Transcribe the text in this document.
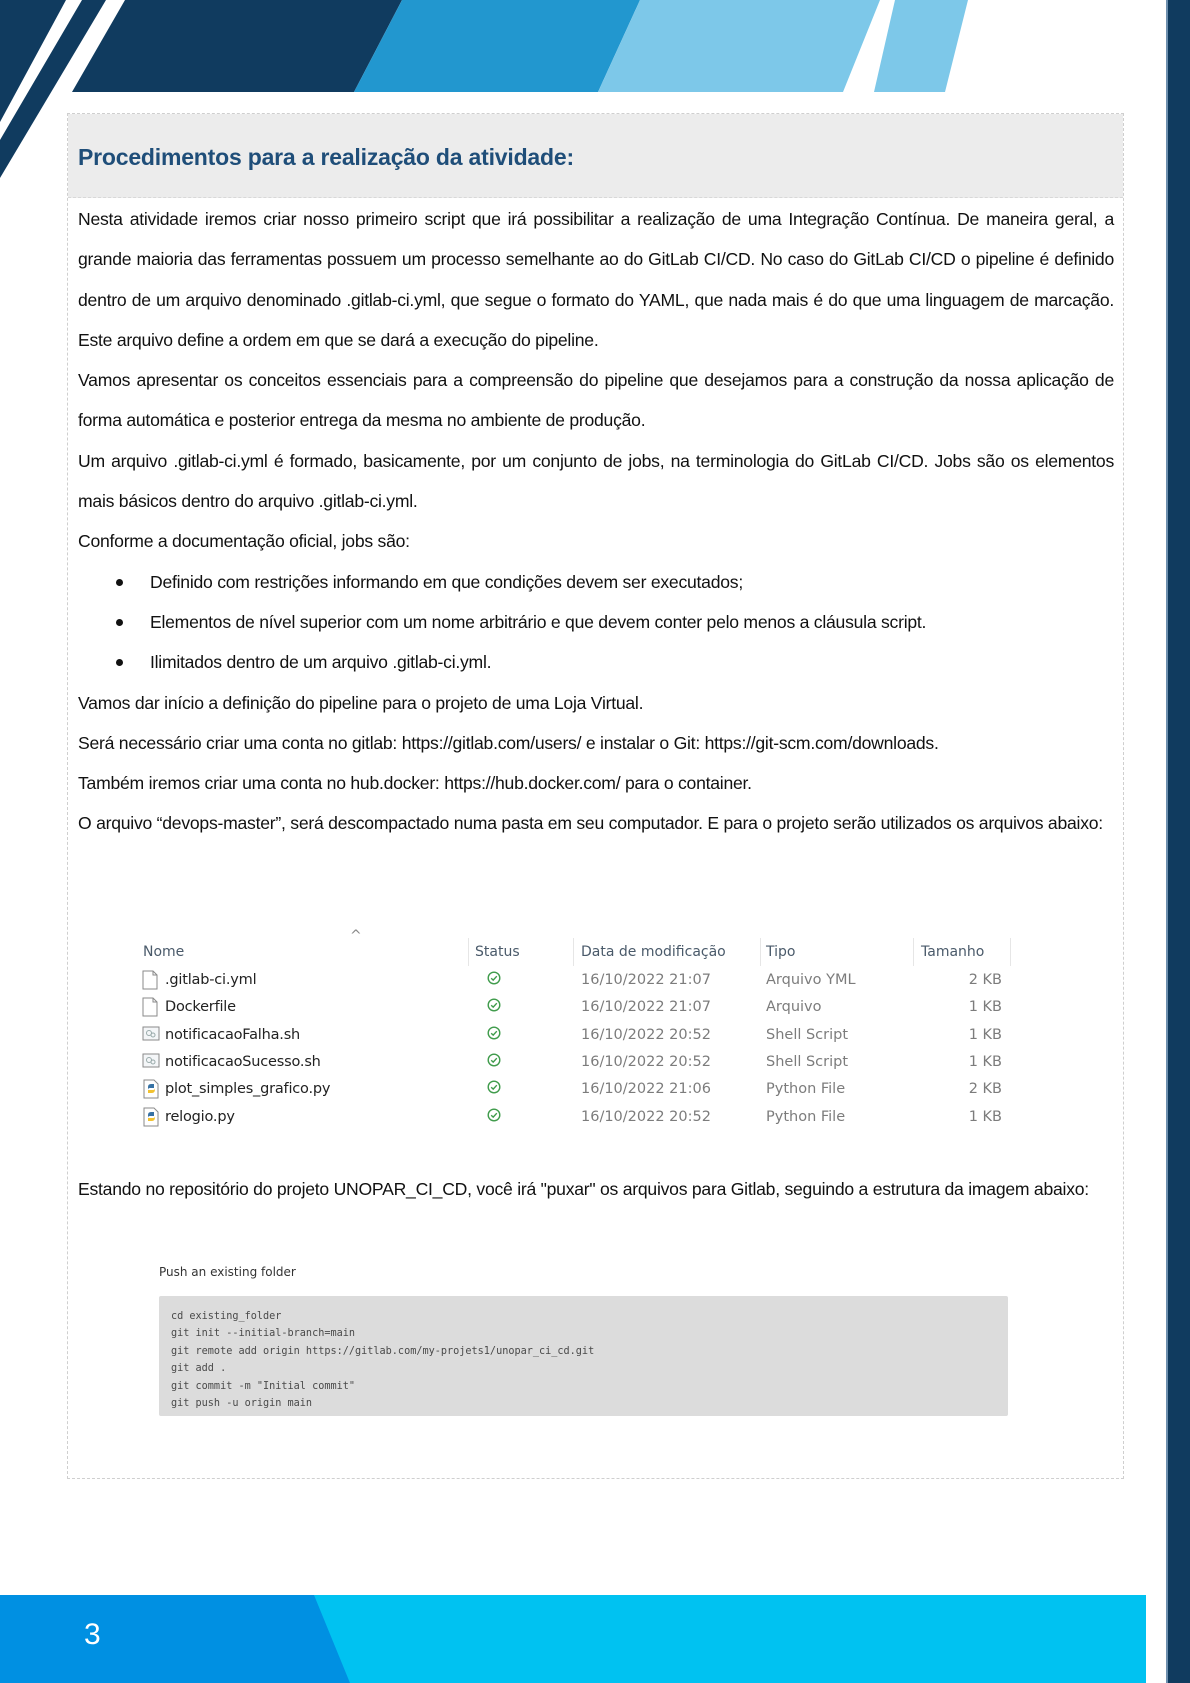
Procedimentos para a realização da atividade:

Nesta atividade iremos criar nosso primeiro script que irá possibilitar a realização de uma Integração Contínua. De maneira geral, a grande maioria das ferramentas possuem um processo semelhante ao do GitLab CI/CD. No caso do GitLab CI/CD o pipeline é definido dentro de um arquivo denominado .gitlab-ci.yml, que segue o formato do YAML, que nada mais é do que uma linguagem de marcação. Este arquivo define a ordem em que se dará a execução do pipeline.

Vamos apresentar os conceitos essenciais para a compreensão do pipeline que desejamos para a construção da nossa aplicação de forma automática e posterior entrega da mesma no ambiente de produção.

Um arquivo .gitlab-ci.yml é formado, basicamente, por um conjunto de jobs, na terminologia do GitLab CI/CD. Jobs são os elementos mais básicos dentro do arquivo .gitlab-ci.yml.

Conforme a documentação oficial, jobs são:

Definido com restrições informando em que condições devem ser executados;
Elementos de nível superior com um nome arbitrário e que devem conter pelo menos a cláusula script.
Ilimitados dentro de um arquivo .gitlab-ci.yml.

Vamos dar início a definição do pipeline para o projeto de uma Loja Virtual.

Será necessário criar uma conta no gitlab: https://gitlab.com/users/ e instalar o Git: https://git-scm.com/downloads.

Também iremos criar uma conta no hub.docker: https://hub.docker.com/ para o container.

O arquivo “devops-master”, será descompactado numa pasta em seu computador. E para o projeto serão utilizados os arquivos abaixo:

^
Nome	Status	Data de modificação	Tipo	Tamanho
.gitlab-ci.yml	16/10/2022 21:07	Arquivo YML	2 KB
Dockerfile	16/10/2022 21:07	Arquivo	1 KB
notificacaoFalha.sh	16/10/2022 20:52	Shell Script	1 KB
notificacaoSucesso.sh	16/10/2022 20:52	Shell Script	1 KB
plot_simples_grafico.py	16/10/2022 21:06	Python File	2 KB
relogio.py	16/10/2022 20:52	Python File	1 KB

Estando no repositório do projeto UNOPAR_CI_CD, você irá "puxar" os arquivos para Gitlab, seguindo a estrutura da imagem abaixo:

Push an existing folder
cd existing_folder
git init --initial-branch=main
git remote add origin https://gitlab.com/my-projets1/unopar_ci_cd.git
git add .
git commit -m "Initial commit"
git push -u origin main
3
